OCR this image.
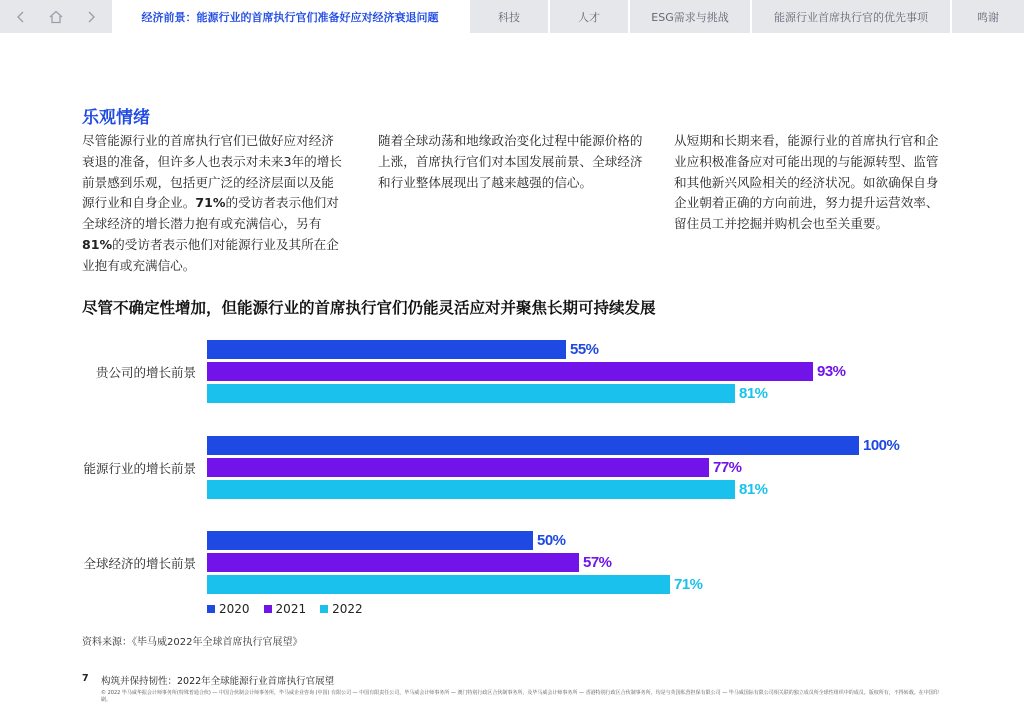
经济前景：能源行业的首席执行官们准备好应对经济衰退问题	科技	人才	ESG需求与挑战	能源行业首席执行官的优先事项	鸣谢
乐观情绪
尽管能源行业的首席执行官们已做好应对经济衰退的准备，但许多人也表示对未来3年的增长前景感到乐观，包括更广泛的经济层面以及能源行业和自身企业。71%的受访者表示他们对全球经济的增长潜力抱有或充满信心，另有81%的受访者表示他们对能源行业及其所在企业抱有或充满信心。
随着全球动荡和地缘政治变化过程中能源价格的上涨，首席执行官们对本国发展前景、全球经济和行业整体展现出了越来越强的信心。
从短期和长期来看，能源行业的首席执行官和企业应积极准备应对可能出现的与能源转型、监管和其他新兴风险相关的经济状况。如欲确保自身企业朝着正确的方向前进，努力提升运营效率、留住员工并挖掘并购机会也至关重要。
尽管不确定性增加，但能源行业的首席执行官们仍能灵活应对并聚焦长期可持续发展
贵公司的增长前景
55%
93%
81%
能源行业的增长前景
100%
77%
81%
全球经济的增长前景
50%
57%
71%
2020 2021 2022
资料来源：《毕马威2022年全球首席执行官展望》
7 构筑并保持韧性：2022年全球能源行业首席执行官展望
© 2022 毕马威华振会计师事务所(特殊普通合伙) — 中国合伙制会计师事务所，毕马威企业咨询 (中国) 有限公司 — 中国有限责任公司，毕马威会计师事务所 — 澳门特别行政区合伙制事务所，及毕马威会计师事务所 — 香港特别行政区合伙制事务所，均是与英国私营担保有限公司 — 毕马威国际有限公司相关联的独立成员所全球性组织中的成员。版权所有，不得转载。在中国印刷。
